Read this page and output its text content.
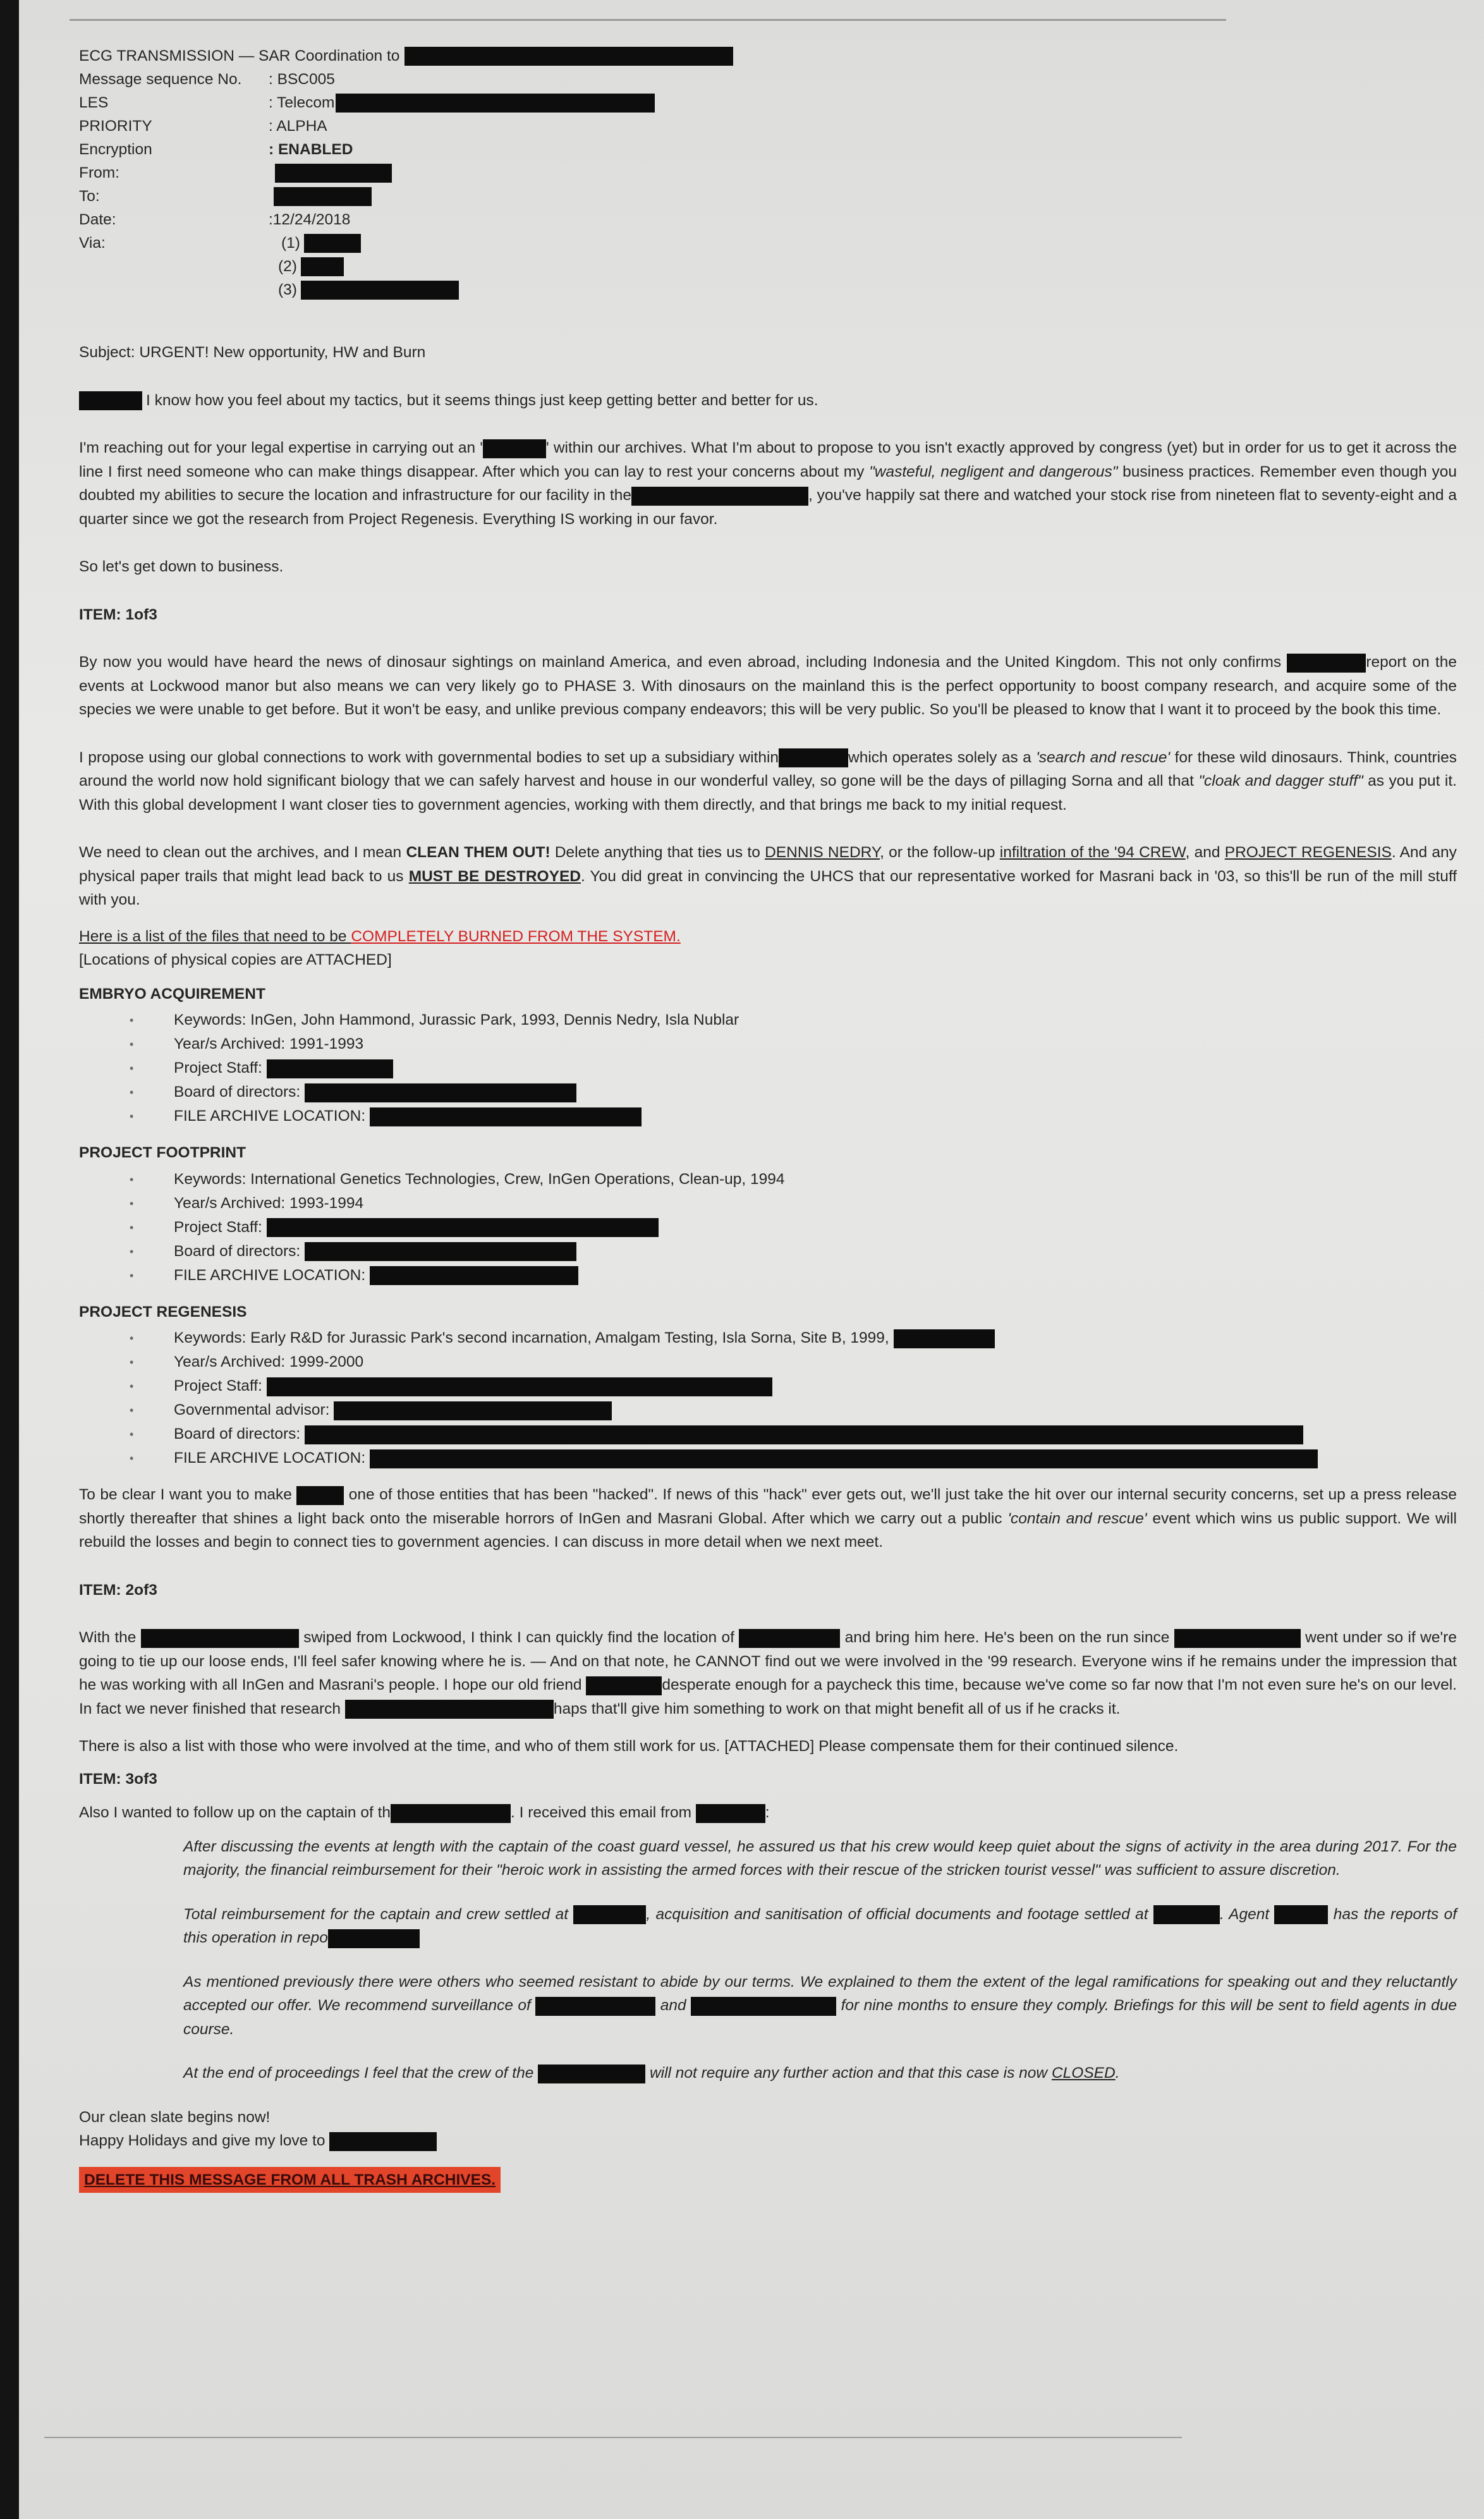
ECG TRANSMISSION — SAR Coordination to
Message sequence No.	: BSC005
LES	: Telecom
PRIORITY	: ALPHA
Encryption	: ENABLED
From:
To:
Date:	:12/24/2018
Via:	(1)
(2)
(3)

Subject: URGENT! New opportunity, HW and Burn

I know how you feel about my tactics, but it seems things just keep getting better and better for us.

I'm reaching out for your legal expertise in carrying out an '	' within our archives. What I'm about to propose to you isn't exactly approved by congress (yet) but in order for us to get it across the line I first need someone who can make things disappear. After which you can lay to rest your concerns about my "wasteful, negligent and dangerous" business practices. Remember even though you doubted my abilities to secure the location and infrastructure for our facility in the	, you've happily sat there and watched your stock rise from nineteen flat to seventy-eight and a quarter since we got the research from Project Regenesis. Everything IS working in our favor.

So let's get down to business.

ITEM: 1of3

By now you would have heard the news of dinosaur sightings on mainland America, and even abroad, including Indonesia and the United Kingdom. This not only confirms	report on the events at Lockwood manor but also means we can very likely go to PHASE 3. With dinosaurs on the mainland this is the perfect opportunity to boost company research, and acquire some of the species we were unable to get before. But it won't be easy, and unlike previous company endeavors; this will be very public. So you'll be pleased to know that I want it to proceed by the book this time.

I propose using our global connections to work with governmental bodies to set up a subsidiary within	which operates solely as a 'search and rescue' for these wild dinosaurs. Think, countries around the world now hold significant biology that we can safely harvest and house in our wonderful valley, so gone will be the days of pillaging Sorna and all that "cloak and dagger stuff" as you put it. With this global development I want closer ties to government agencies, working with them directly, and that brings me back to my initial request.

We need to clean out the archives, and I mean CLEAN THEM OUT! Delete anything that ties us to DENNIS NEDRY, or the follow-up infiltration of the '94 CREW, and PROJECT REGENESIS. And any physical paper trails that might lead back to us MUST BE DESTROYED. You did great in convincing the UHCS that our representative worked for Masrani back in '03, so this'll be run of the mill stuff with you.

Here is a list of the files that need to be COMPLETELY BURNED FROM THE SYSTEM.
[Locations of physical copies are ATTACHED]
EMBRYO ACQUIREMENT
• Keywords: InGen, John Hammond, Jurassic Park, 1993, Dennis Nedry, Isla Nublar
• Year/s Archived: 1991-1993
• Project Staff:
• Board of directors:
• FILE ARCHIVE LOCATION:
PROJECT FOOTPRINT
• Keywords: International Genetics Technologies, Crew, InGen Operations, Clean-up, 1994
• Year/s Archived: 1993-1994
• Project Staff:
• Board of directors:
• FILE ARCHIVE LOCATION:
PROJECT REGENESIS
• Keywords: Early R&D for Jurassic Park's second incarnation, Amalgam Testing, Isla Sorna, Site B, 1999,
• Year/s Archived: 1999-2000
• Project Staff:
• Governmental advisor:
• Board of directors:
• FILE ARCHIVE LOCATION:

To be clear I want you to make	one of those entities that has been "hacked". If news of this "hack" ever gets out, we'll just take the hit over our internal security concerns, set up a press release shortly thereafter that shines a light back onto the miserable horrors of InGen and Masrani Global. After which we carry out a public 'contain and rescue' event which wins us public support. We will rebuild the losses and begin to connect ties to government agencies. I can discuss in more detail when we next meet.

ITEM: 2of3

With the	swiped from Lockwood, I think I can quickly find the location of	and bring him here. He's been on the run since	went under so if we're going to tie up our loose ends, I'll feel safer knowing where he is. — And on that note, he CANNOT find out we were involved in the '99 research. Everyone wins if he remains under the impression that he was working with all InGen and Masrani's people. I hope our old friend	desperate enough for a paycheck this time, because we've come so far now that I'm not even sure he's on our level. In fact we never finished that research	haps that'll give him something to work on that might benefit all of us if he cracks it.

There is also a list with those who were involved at the time, and who of them still work for us. [ATTACHED] Please compensate them for their continued silence.

ITEM: 3of3

Also I wanted to follow up on the captain of th	. I received this email from	:

After discussing the events at length with the captain of the coast guard vessel, he assured us that his crew would keep quiet about the signs of activity in the area during 2017. For the majority, the financial reimbursement for their "heroic work in assisting the armed forces with their rescue of the stricken tourist vessel" was sufficient to assure discretion.

Total reimbursement for the captain and crew settled at	, acquisition and sanitisation of official documents and footage settled at	. Agent	has the reports of this operation in repo

As mentioned previously there were others who seemed resistant to abide by our terms. We explained to them the extent of the legal ramifications for speaking out and they reluctantly accepted our offer. We recommend surveillance of	and	for nine months to ensure they comply. Briefings for this will be sent to field agents in due course.

At the end of proceedings I feel that the crew of the	will not require any further action and that this case is now CLOSED.

Our clean slate begins now!
Happy Holidays and give my love to
DELETE THIS MESSAGE FROM ALL TRASH ARCHIVES.
